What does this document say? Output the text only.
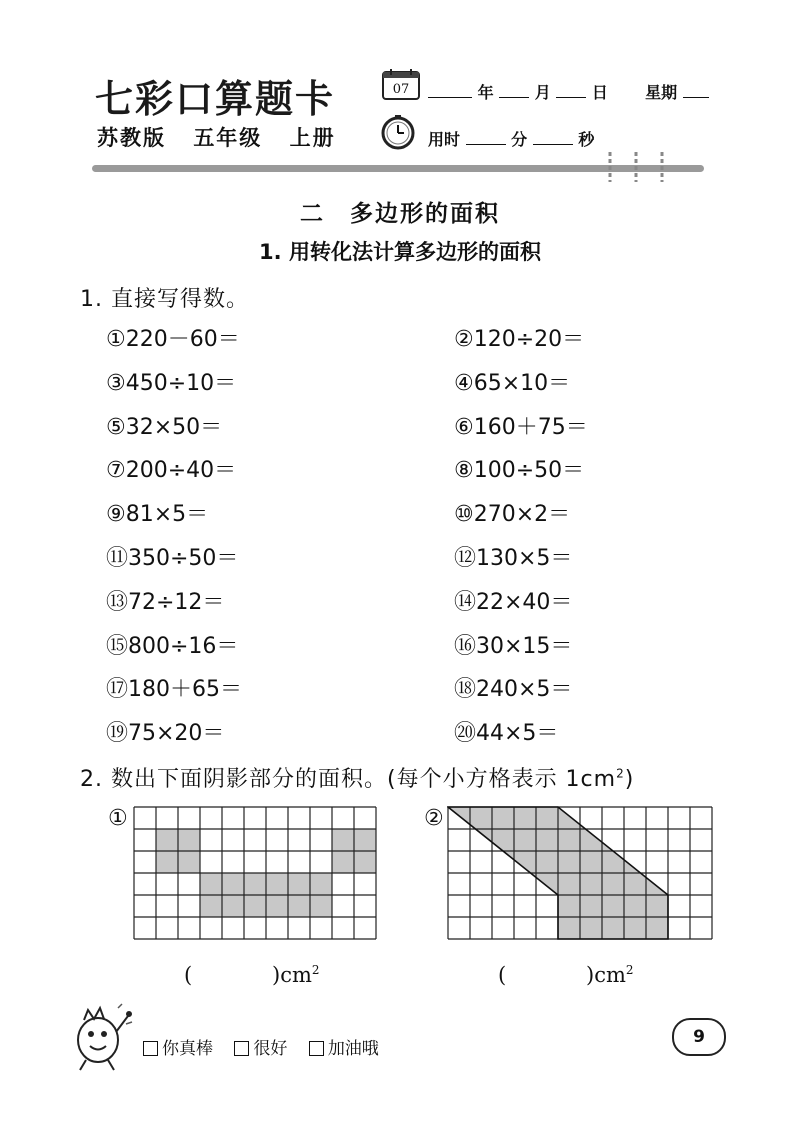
七彩口算题卡
苏教版 五年级 上册
07	年	月	日 星期
用时	分	秒
二　多边形的面积
1. 用转化法计算多边形的面积
1. 直接写得数。
①220－60＝	②120÷20＝
③450÷10＝	④65×10＝
⑤32×50＝	⑥160＋75＝
⑦200÷40＝	⑧100÷50＝
⑨81×5＝	⑩270×2＝
⑪350÷50＝	⑫130×5＝
⑬72÷12＝	⑭22×40＝
⑮800÷16＝	⑯30×15＝
⑰180＋65＝	⑱240×5＝
⑲75×20＝	⑳44×5＝
2. 数出下面阴影部分的面积。(每个小方格表示 $1cm^2$)
①	②
(	)$cm^2$	(	)$cm^2$
你真棒 很好 加油哦
9
